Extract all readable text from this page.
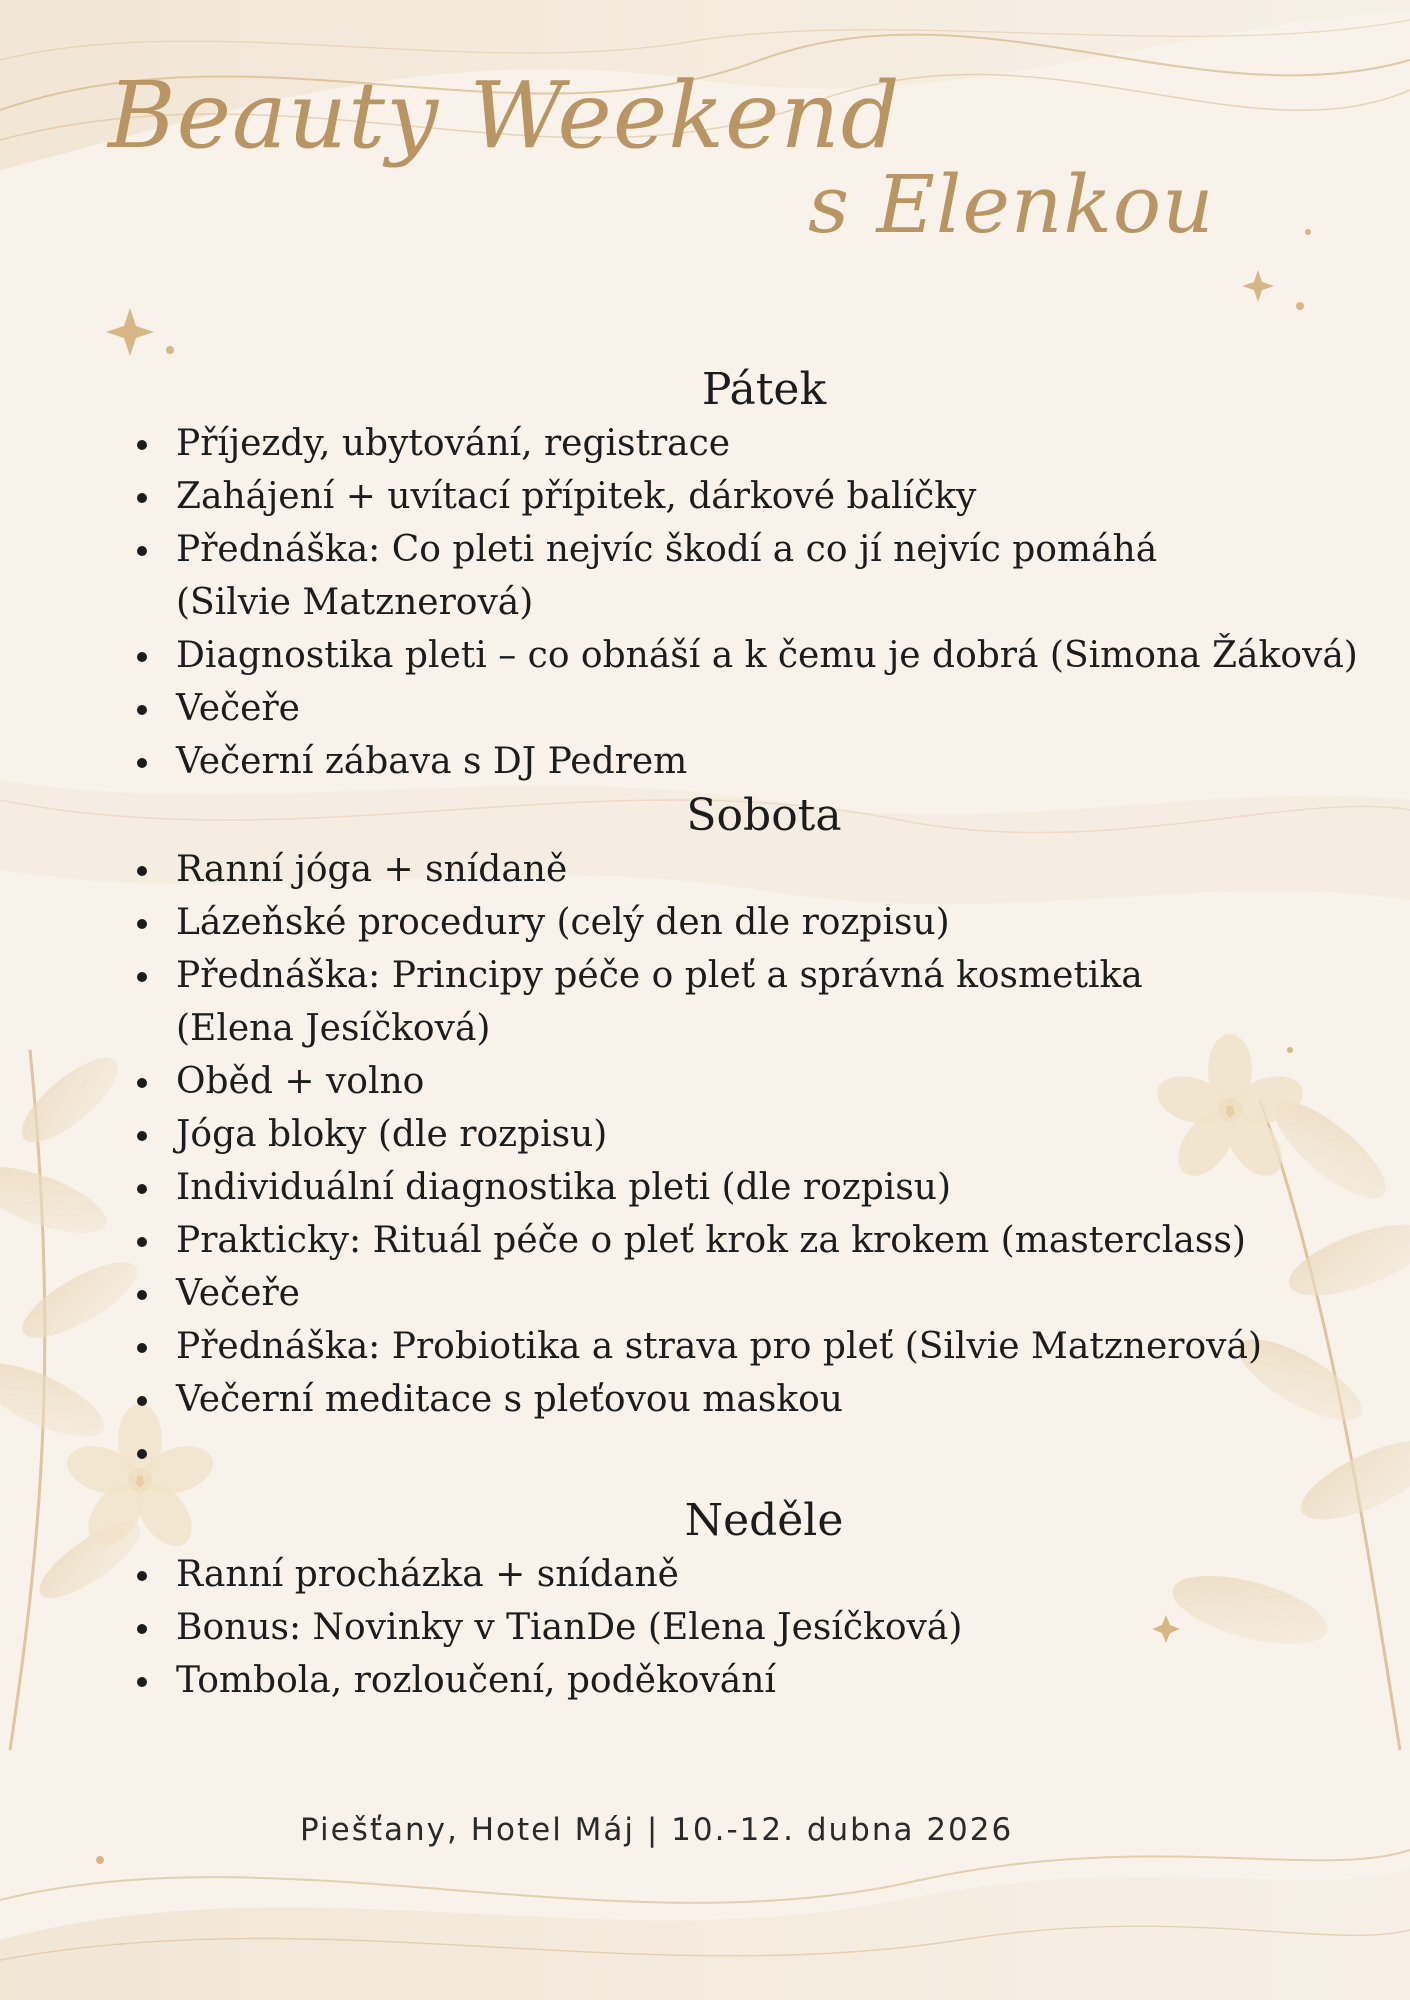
Beauty Weekend
s Elenkou
Pátek
Příjezdy, ubytování, registrace
Zahájení + uvítací přípitek, dárkové balíčky
Přednáška: Co pleti nejvíc škodí a co jí nejvíc pomáhá (Silvie Matznerová)
Diagnostika pleti – co obnáší a k čemu je dobrá (Simona Žáková)
Večeře
Večerní zábava s DJ Pedrem
Sobota
Ranní jóga + snídaně
Lázeňské procedury (celý den dle rozpisu)
Přednáška: Principy péče o pleť a správná kosmetika (Elena Jesíčková)
Oběd + volno
Jóga bloky (dle rozpisu)
Individuální diagnostika pleti (dle rozpisu)
Prakticky: Rituál péče o pleť krok za krokem (masterclass)
Večeře
Přednáška: Probiotika a strava pro pleť (Silvie Matznerová)
Večerní meditace s pleťovou maskou
Neděle
Ranní procházka + snídaně
Bonus: Novinky v TianDe (Elena Jesíčková)
Tombola, rozloučení, poděkování
Piešťany, Hotel Máj | 10.-12. dubna 2026
